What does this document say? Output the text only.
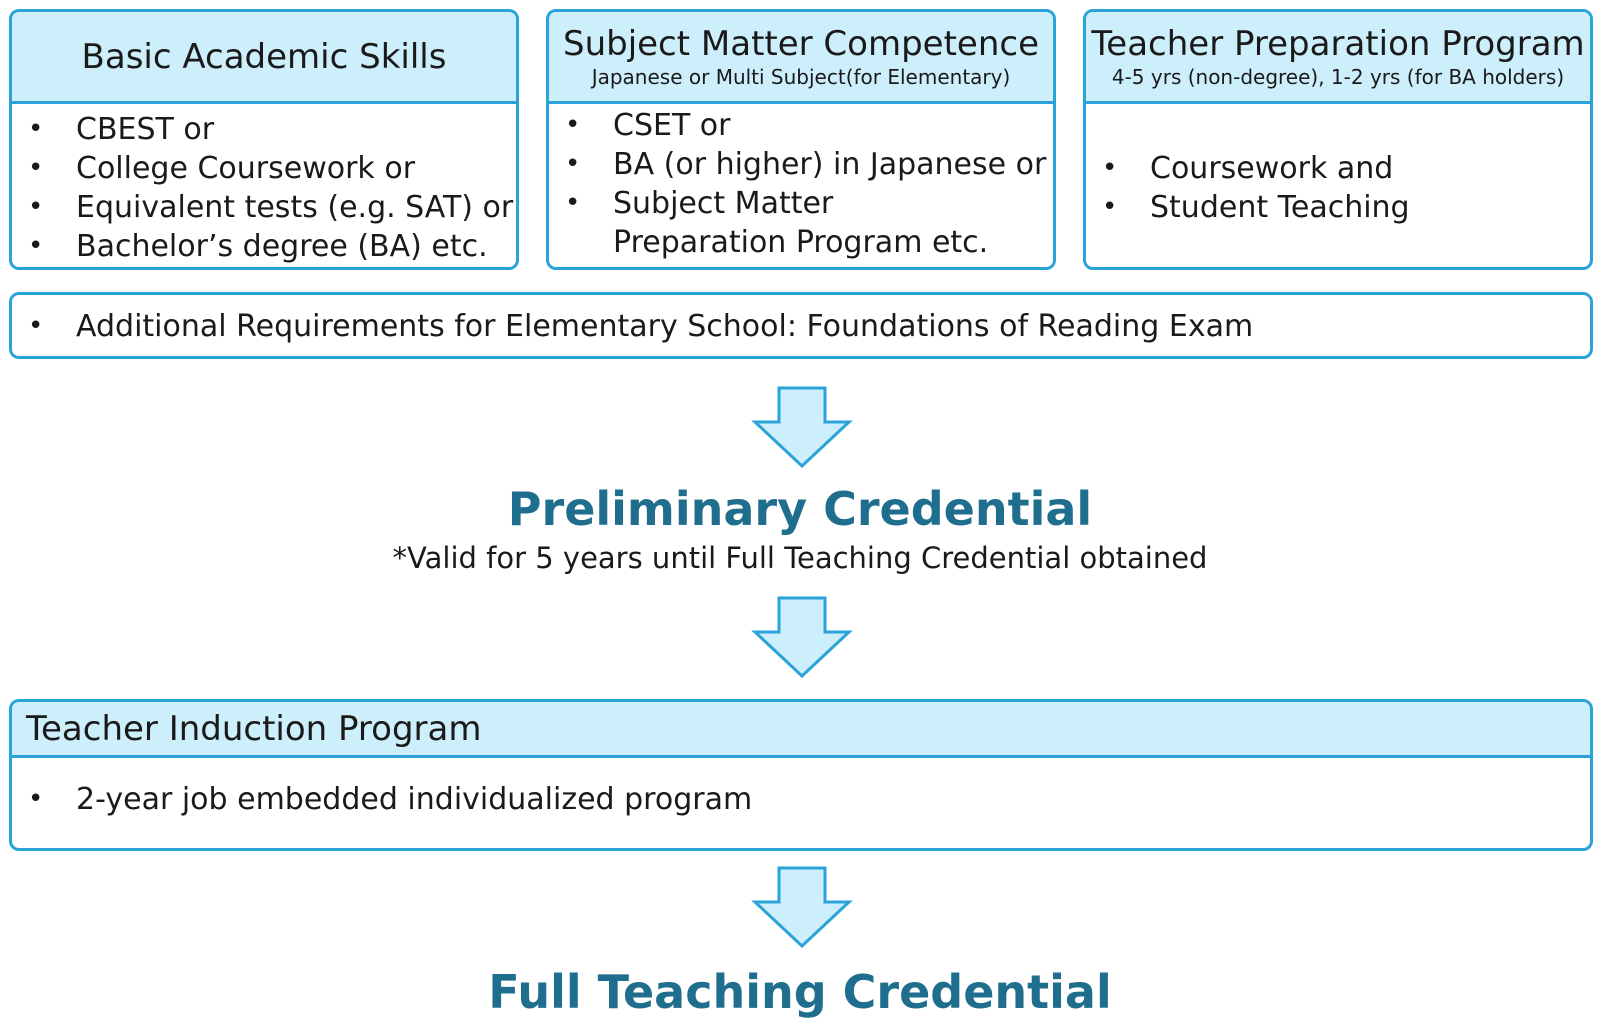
Basic Academic Skills
• CBEST or
• College Coursework or
• Equivalent tests (e.g. SAT) or
• Bachelor’s degree (BA) etc.
Subject Matter Competence
Japanese or Multi Subject(for Elementary)
• CSET or
• BA (or higher) in Japanese or
• Subject Matter Preparation Program etc.
Teacher Preparation Program
4-5 yrs (non-degree), 1-2 yrs (for BA holders)
• Coursework and
• Student Teaching
• Additional Requirements for Elementary School: Foundations of Reading Exam
Preliminary Credential
*Valid for 5 years until Full Teaching Credential obtained
Teacher Induction Program
• 2-year job embedded individualized program
Full Teaching Credential
